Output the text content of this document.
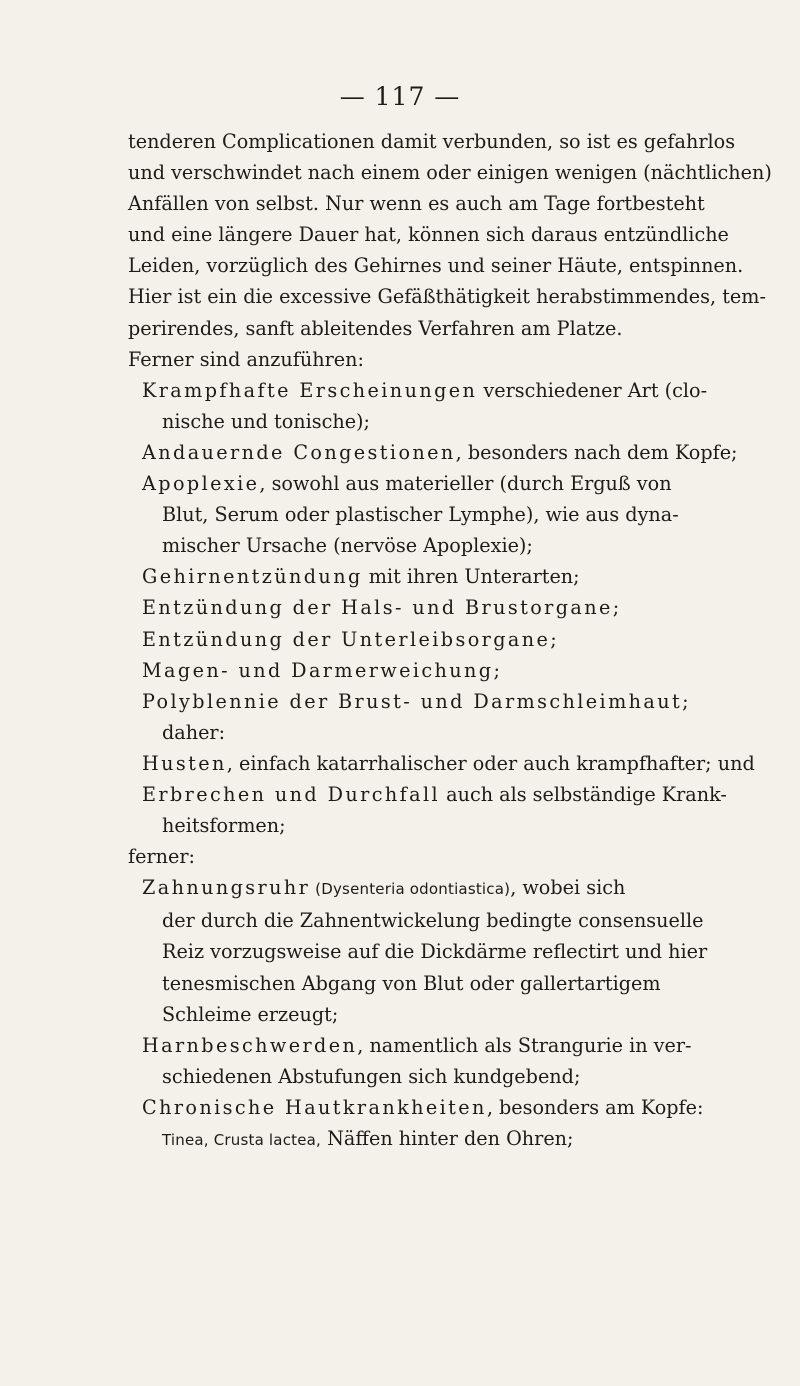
— 117 —
tenderen Complicationen damit verbunden, so ist es gefahrlos
und verschwindet nach einem oder einigen wenigen (nächtlichen)
Anfällen von selbst. Nur wenn es auch am Tage fortbesteht
und eine längere Dauer hat, können sich daraus entzündliche
Leiden, vorzüglich des Gehirnes und seiner Häute, entspinnen.
Hier ist ein die excessive Gefäßthätigkeit herabstimmendes, tem-
perirendes, sanft ableitendes Verfahren am Platze.
Ferner sind anzuführen:
Krampfhafte Erscheinungen verschiedener Art (clo-
nische und tonische);
Andauernde Congestionen, besonders nach dem Kopfe;
Apoplexie, sowohl aus materieller (durch Erguß von
Blut, Serum oder plastischer Lymphe), wie aus dyna-
mischer Ursache (nervöse Apoplexie);
Gehirnentzündung mit ihren Unterarten;
Entzündung der Hals- und Brustorgane;
Entzündung der Unterleibsorgane;
Magen- und Darmerweichung;
Polyblennie der Brust- und Darmschleimhaut;
daher:
Husten, einfach katarrhalischer oder auch krampfhafter; und
Erbrechen und Durchfall auch als selbständige Krank-
heitsformen;
ferner:
Zahnungsruhr (Dysenteria odontiastica), wobei sich
der durch die Zahnentwickelung bedingte consensuelle
Reiz vorzugsweise auf die Dickdärme reflectirt und hier
tenesmischen Abgang von Blut oder gallertartigem
Schleime erzeugt;
Harnbeschwerden, namentlich als Strangurie in ver-
schiedenen Abstufungen sich kundgebend;
Chronische Hautkrankheiten, besonders am Kopfe:
Tinea, Crusta lactea, Näffen hinter den Ohren;
